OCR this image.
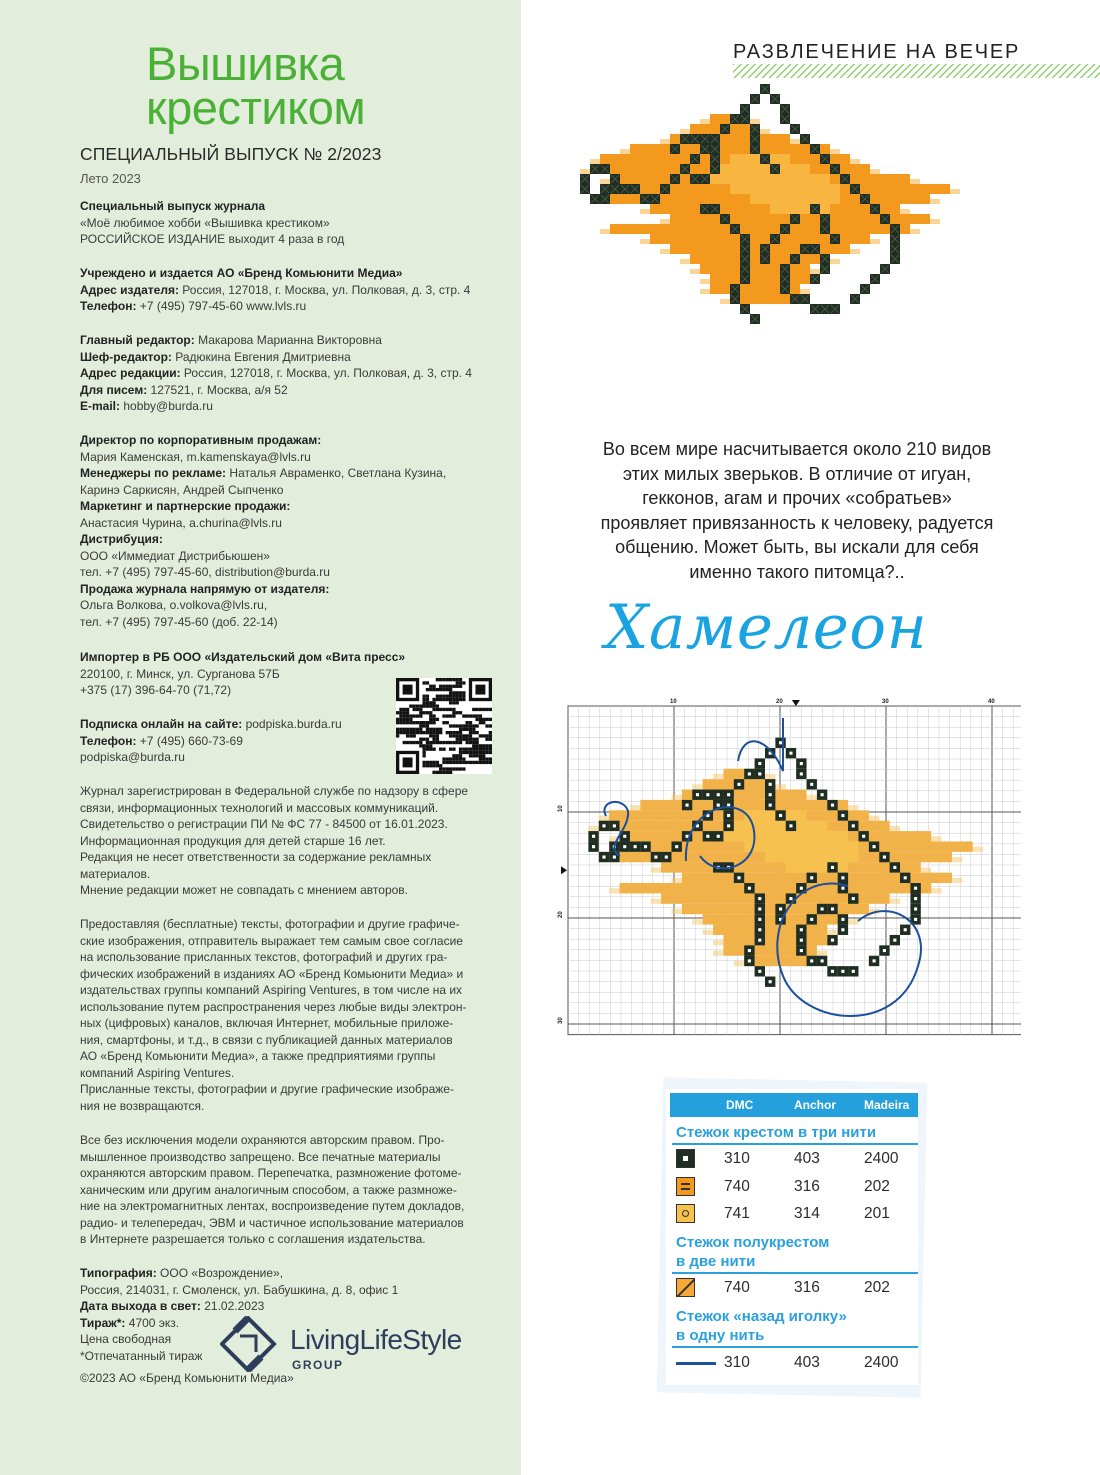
Вышивка
крестиком
СПЕЦИАЛЬНЫЙ ВЫПУСК № 2/2023
Лето 2023
Специальный выпуск журнала
«Моё любимое хобби «Вышивка крестиком»
РОССИЙСКОЕ ИЗДАНИЕ выходит 4 раза в год
Учреждено и издается АО «Бренд Комьюнити Медиа»
Адрес издателя: Россия, 127018, г. Москва, ул. Полковая, д. 3, стр. 4
Телефон: +7 (495) 797-45-60 www.lvls.ru
Главный редактор: Макарова Марианна Викторовна
Шеф-редактор: Радюкина Евгения Дмитриевна
Адрес редакции: Россия, 127018, г. Москва, ул. Полковая, д. 3, стр. 4
Для писем: 127521, г. Москва, а/я 52
E-mail: hobby@burda.ru
Директор по корпоративным продажам:
Мария Каменская, m.kamenskaya@lvls.ru
Менеджеры по рекламе: Наталья Авраменко, Светлана Кузина,
Каринэ Саркисян, Андрей Сыпченко
Маркетинг и партнерские продажи:
Анастасия Чурина, a.churina@lvls.ru
Дистрибуция:
ООО «Иммедиат Дистрибьюшен»
тел. +7 (495) 797-45-60, distribution@burda.ru
Продажа журнала напрямую от издателя:
Ольга Волкова, o.volkova@lvls.ru,
тел. +7 (495) 797-45-60 (доб. 22-14)
Импортер в РБ ООО «Издательский дом «Вита пресс»
220100, г. Минск, ул. Сурганова 57Б
+375 (17) 396-64-70 (71,72)
Подписка онлайн на сайте: podpiska.burda.ru
Телефон: +7 (495) 660-73-69
podpiska@burda.ru
Журнал зарегистрирован в Федеральной службе по надзору в сфере
связи, информационных технологий и массовых коммуникаций.
Свидетельство о регистрации ПИ № ФС 77 - 84500 от 16.01.2023.
Информационная продукция для детей старше 16 лет.
Редакция не несет ответственности за содержание рекламных
материалов.
Мнение редакции может не совпадать с мнением авторов.
Предоставляя (бесплатные) тексты, фотографии и другие графиче-
ские изображения, отправитель выражает тем самым свое согласие
на использование присланных текстов, фотографий и других гра-
фических изображений в изданиях АО «Бренд Комьюнити Медиа» и
издательствах группы компаний Aspiring Ventures, в том числе на их
использование путем распространения через любые виды электрон-
ных (цифровых) каналов, включая Интернет, мобильные приложе-
ния, смартфоны, и т.д., в связи с публикацией данных материалов
АО «Бренд Комьюнити Медиа», а также предприятиями группы
компаний Aspiring Ventures.
Присланные тексты, фотографии и другие графические изображе-
ния не возвращаются.
Все без исключения модели охраняются авторским правом. Про-
мышленное производство запрещено. Все печатные материалы
охраняются авторским правом. Перепечатка, размножение фотоме-
ханическим или другим аналогичным способом, а также размноже-
ние на электромагнитных лентах, воспроизведение путем докладов,
радио- и телепередач, ЭВМ и частичное использование материалов
в Интернете разрешается только с соглашения издательства.
Типография: ООО «Возрождение»,
Россия, 214031, г. Смоленск, ул. Бабушкина, д. 8, офис 1
Дата выхода в свет: 21.02.2023
Тираж*: 4700 экз.
Цена свободная
*Отпечатанный тираж
©2023 АО «Бренд Комьюнити Медиа»
LivingLifeStyle
GROUP
РАЗВЛЕЧЕНИЕ НА ВЕЧЕР
Во всем мире насчитывается около 210 видов
этих милых зверьков. В отличие от игуан,
гекконов, агам и прочих «собратьев»
проявляет привязанность к человеку, радуется
общению. Может быть, вы искали для себя
именно такого питомца?..
Хамелеон
10	20	30	40
10
20
30
DMC	Anchor Madeira
Стежок крестом в три нити
310	403	2400
740	316	202
741	314	201
Стежок полукрестом
в две нити
740	316	202
Стежок «назад иголку»
в одну нить
310	403	2400
